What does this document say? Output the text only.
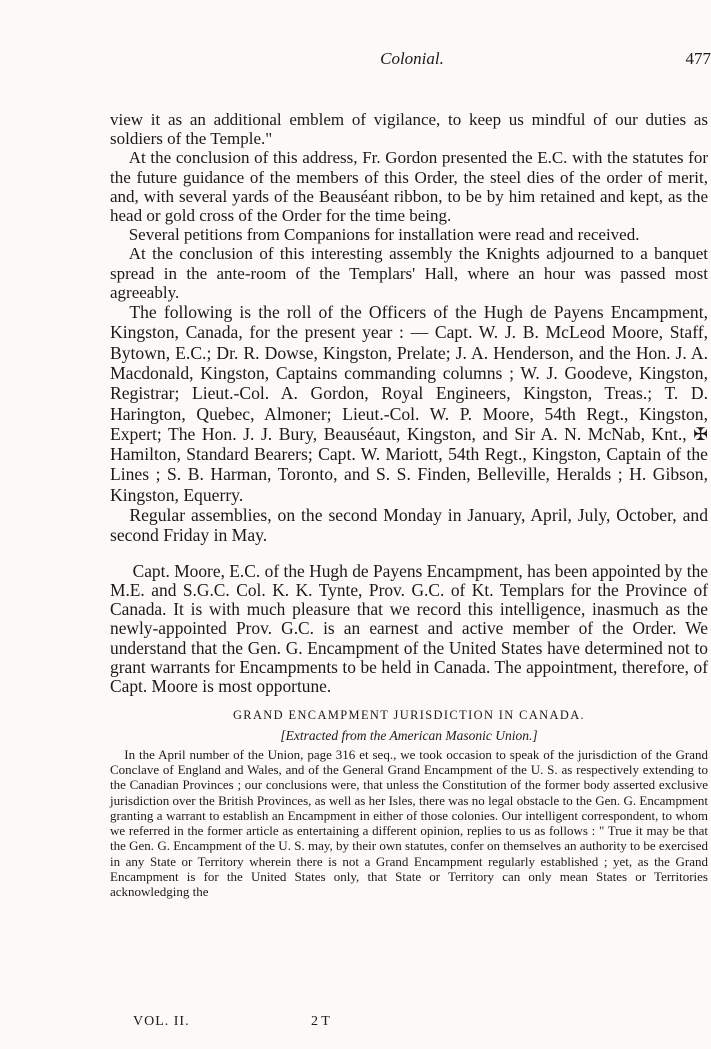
Colonial.	477

view it as an additional emblem of vigilance, to keep us mindful of our duties as soldiers of the Temple."

At the conclusion of this address, Fr. Gordon presented the E.C. with the statutes for the future guidance of the members of this Order, the steel dies of the order of merit, and, with several yards of the Beauséant ribbon, to be by him retained and kept, as the head or gold cross of the Order for the time being.

Several petitions from Companions for installation were read and received.

At the conclusion of this interesting assembly the Knights adjourned to a banquet spread in the ante-room of the Templars' Hall, where an hour was passed most agreeably.

The following is the roll of the Officers of the Hugh de Payens Encampment, Kingston, Canada, for the present year : — Capt. W. J. B. McLeod Moore, Staff, Bytown, E.C.; Dr. R. Dowse, Kingston, Prelate; J. A. Henderson, and the Hon. J. A. Macdonald, Kingston, Captains commanding columns ; W. J. Goodeve, Kingston, Registrar; Lieut.-Col. A. Gordon, Royal Engineers, Kingston, Treas.; T. D. Harington, Quebec, Almoner; Lieut.-Col. W. P. Moore, 54th Regt., Kingston, Expert; The Hon. J. J. Bury, Beauséaut, Kingston, and Sir A. N. McNab, Knt., ✠ Hamilton, Standard Bearers; Capt. W. Mariott, 54th Regt., Kingston, Captain of the Lines ; S. B. Harman, Toronto, and S. S. Finden, Belleville, Heralds ; H. Gibson, Kingston, Equerry.

Regular assemblies, on the second Monday in January, April, July, October, and second Friday in May.

Capt. Moore, E.C. of the Hugh de Payens Encampment, has been appointed by the M.E. and S.G.C. Col. K. K. Tynte, Prov. G.C. of Kt. Templars for the Province of Canada. It is with much pleasure that we record this intelligence, inasmuch as the newly-appointed Prov. G.C. is an earnest and active member of the Order. We understand that the Gen. G. Encampment of the United States have determined not to grant warrants for Encampments to be held in Canada. The appointment, therefore, of Capt. Moore is most opportune.

GRAND ENCAMPMENT JURISDICTION IN CANADA.
[Extracted from the American Masonic Union.]

In the April number of the Union, page 316 et seq., we took occasion to speak of the jurisdiction of the Grand Conclave of England and Wales, and of the General Grand Encampment of the U. S. as respectively extending to the Canadian Provinces ; our conclusions were, that unless the Constitution of the former body asserted exclusive jurisdiction over the British Provinces, as well as her Isles, there was no legal obstacle to the Gen. G. Encampment granting a warrant to establish an Encampment in either of those colonies. Our intelligent correspondent, to whom we referred in the former article as entertaining a different opinion, replies to us as follows : " True it may be that the Gen. G. Encampment of the U. S. may, by their own statutes, confer on themselves an authority to be exercised in any State or Territory wherein there is not a Grand Encampment regularly established ; yet, as the Grand Encampment is for the United States only, that State or Territory can only mean States or Territories acknowledging the

VOL. II.	2 T
